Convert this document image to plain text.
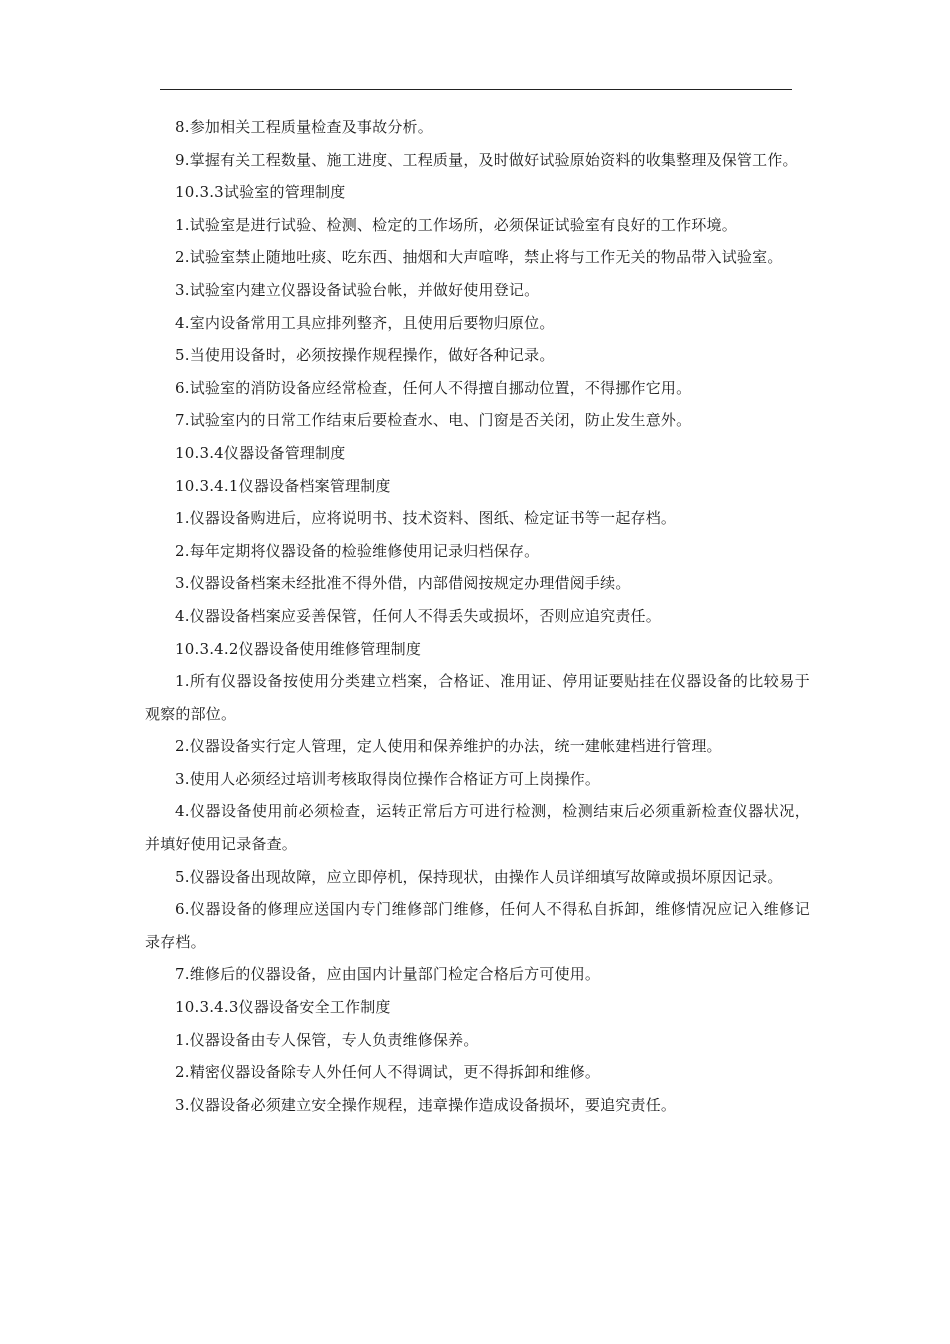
8.参加相关工程质量检查及事故分析。

9.掌握有关工程数量、施工进度、工程质量，及时做好试验原始资料的收集整理及保管工作。

10.3.3试验室的管理制度

1.试验室是进行试验、检测、检定的工作场所，必须保证试验室有良好的工作环境。

2.试验室禁止随地吐痰、吃东西、抽烟和大声喧哗，禁止将与工作无关的物品带入试验室。

3.试验室内建立仪器设备试验台帐，并做好使用登记。

4.室内设备常用工具应排列整齐，且使用后要物归原位。

5.当使用设备时，必须按操作规程操作，做好各种记录。

6.试验室的消防设备应经常检查，任何人不得擅自挪动位置，不得挪作它用。

7.试验室内的日常工作结束后要检查水、电、门窗是否关闭，防止发生意外。

10.3.4仪器设备管理制度

10.3.4.1仪器设备档案管理制度

1.仪器设备购进后，应将说明书、技术资料、图纸、检定证书等一起存档。

2.每年定期将仪器设备的检验维修使用记录归档保存。

3.仪器设备档案未经批准不得外借，内部借阅按规定办理借阅手续。

4.仪器设备档案应妥善保管，任何人不得丢失或损坏，否则应追究责任。

10.3.4.2仪器设备使用维修管理制度

1.所有仪器设备按使用分类建立档案，合格证、准用证、停用证要贴挂在仪器设备的比较易于观察的部位。

2.仪器设备实行定人管理，定人使用和保养维护的办法，统一建帐建档进行管理。

3.使用人必须经过培训考核取得岗位操作合格证方可上岗操作。

4.仪器设备使用前必须检查，运转正常后方可进行检测，检测结束后必须重新检查仪器状况，并填好使用记录备查。

5.仪器设备出现故障，应立即停机，保持现状，由操作人员详细填写故障或损坏原因记录。

6.仪器设备的修理应送国内专门维修部门维修，任何人不得私自拆卸，维修情况应记入维修记录存档。

7.维修后的仪器设备，应由国内计量部门检定合格后方可使用。

10.3.4.3仪器设备安全工作制度

1.仪器设备由专人保管，专人负责维修保养。

2.精密仪器设备除专人外任何人不得调试，更不得拆卸和维修。

3.仪器设备必须建立安全操作规程，违章操作造成设备损坏，要追究责任。
